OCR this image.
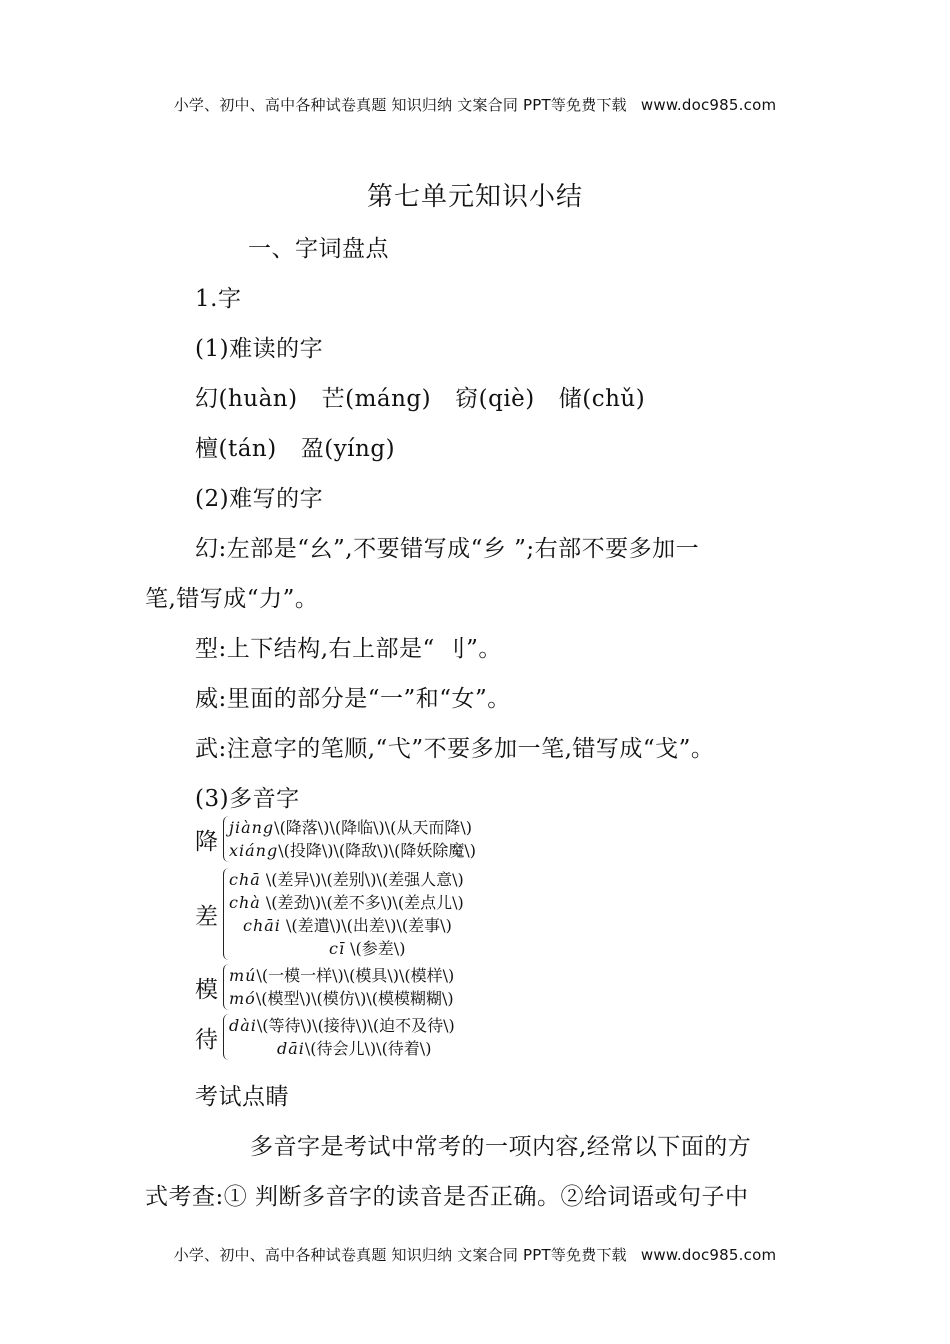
小学、初中、高中各种试卷真题 知识归纳 文案合同 PPT等免费下载 www.doc985.com
第七单元知识小结
一、字词盘点
1.字
(1)难读的字
幻(huàn) 芒(máng) 窃(qiè) 储(chǔ)
檀(tán) 盈(yíng)
(2)难写的字
幻:左部是“幺”,不要错写成“乡 ”;右部不要多加一
笔,错写成“力”。
型:上下结构,右上部是“ 刂”。
威:里面的部分是“一”和“女”。
武:注意字的笔顺,“弋”不要多加一笔,错写成“戈”。
(3)多音字
降
jiàng\(降落\)\(降临\)\(从天而降\)
xiáng\(投降\)\(降敌\)\(降妖除魔\)
差
chā \(差异\)\(差别\)\(差强人意\)
chà \(差劲\)\(差不多\)\(差点儿\)
chāi \(差遣\)\(出差\)\(差事\)
cī \(参差\)
模
mú\(一模一样\)\(模具\)\(模样\)
mó\(模型\)\(模仿\)\(模模糊糊\)
待
dài\(等待\)\(接待\)\(迫不及待\)
dāi\(待会儿\)\(待着\)
考试点睛
多音字是考试中常考的一项内容,经常以下面的方
式考查:① 判断多音字的读音是否正确。②给词语或句子中
小学、初中、高中各种试卷真题 知识归纳 文案合同 PPT等免费下载 www.doc985.com
